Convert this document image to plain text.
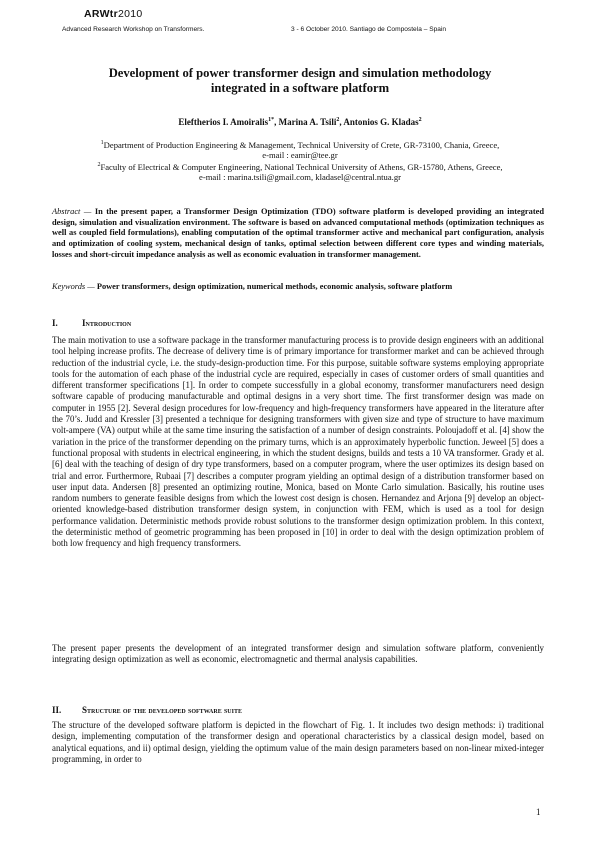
ARWtr2010
Advanced Research Workshop on Transformers.	3 - 6 October 2010. Santiago de Compostela – Spain
Development of power transformer design and simulation methodology
integrated in a software platform
Eleftherios I. Amoiralis$^{1*}$, Marina A. Tsili$^2$, Antonios G. Kladas$^2$
$^1$Department of Production Engineering & Management, Technical University of Crete, GR-73100, Chania, Greece,
e-mail : eamir@tee.gr
$^2$Faculty of Electrical & Computer Engineering, National Technical University of Athens, GR-15780, Athens, Greece,
e-mail : marina.tsili@gmail.com, kladasel@central.ntua.gr
Abstract — In the present paper, a Transformer Design Optimization (TDO) software platform is developed providing an integrated design, simulation and visualization environment. The software is based on advanced computational methods (optimization techniques as well as coupled field formulations), enabling computation of the optimal transformer active and mechanical part configuration, analysis and optimization of cooling system, mechanical design of tanks, optimal selection between different core types and winding materials, losses and short-circuit impedance analysis as well as economic evaluation in transformer management.
Keywords — Power transformers, design optimization, numerical methods, economic analysis, software platform
I.	Introduction

The main motivation to use a software package in the transformer manufacturing process is to provide design engineers with an additional tool helping increase profits. The decrease of delivery time is of primary importance for transformer market and can be achieved through reduction of the industrial cycle, i.e. the study-design-production time. For this purpose, suitable software systems employing appropriate tools for the automation of each phase of the industrial cycle are required, especially in cases of customer orders of small quantities and different transformer specifications [1]. In order to compete successfully in a global economy, transformer manufacturers need design software capable of producing manufacturable and optimal designs in a very short time. The first transformer design was made on computer in 1955 [2]. Several design procedures for low-frequency and high-frequency transformers have appeared in the literature after the 70’s. Judd and Kressler [3] presented a technique for designing transformers with given size and type of structure to have maximum volt-ampere (VA) output while at the same time insuring the satisfaction of a number of design constraints. Poloujadoff et al. [4] show the variation in the price of the transformer depending on the primary turns, which is an approximately hyperbolic function. Jeweel [5] does a functional proposal with students in electrical engineering, in which the student designs, builds and tests a 10 VA transformer. Grady et al. [6] deal with the teaching of design of dry type transformers, based on a computer program, where the user optimizes its design based on trial and error. Furthermore, Rubaai [7] describes a computer program yielding an optimal design of a distribution transformer based on user input data. Andersen [8] presented an optimizing routine, Monica, based on Monte Carlo simulation. Basically, his routine uses random numbers to generate feasible designs from which the lowest cost design is chosen. Hernandez and Arjona [9] develop an object-oriented knowledge-based distribution transformer design system, in conjunction with FEM, which is used as a tool for design performance validation. Deterministic methods provide robust solutions to the transformer design optimization problem. In this context, the deterministic method of geometric programming has been proposed in [10] in order to deal with the design optimization problem of both low frequency and high frequency transformers.

The present paper presents the development of an integrated transformer design and simulation software platform, conveniently integrating design optimization as well as economic, electromagnetic and thermal analysis capabilities.

II. Structure of the developed software suite

The structure of the developed software platform is depicted in the flowchart of Fig. 1. It includes two design methods: i) traditional design, implementing computation of the transformer design and operational characteristics by a classical design model, based on analytical equations, and ii) optimal design, yielding the optimum value of the main design parameters based on non-linear mixed-integer programming, in order to

1
